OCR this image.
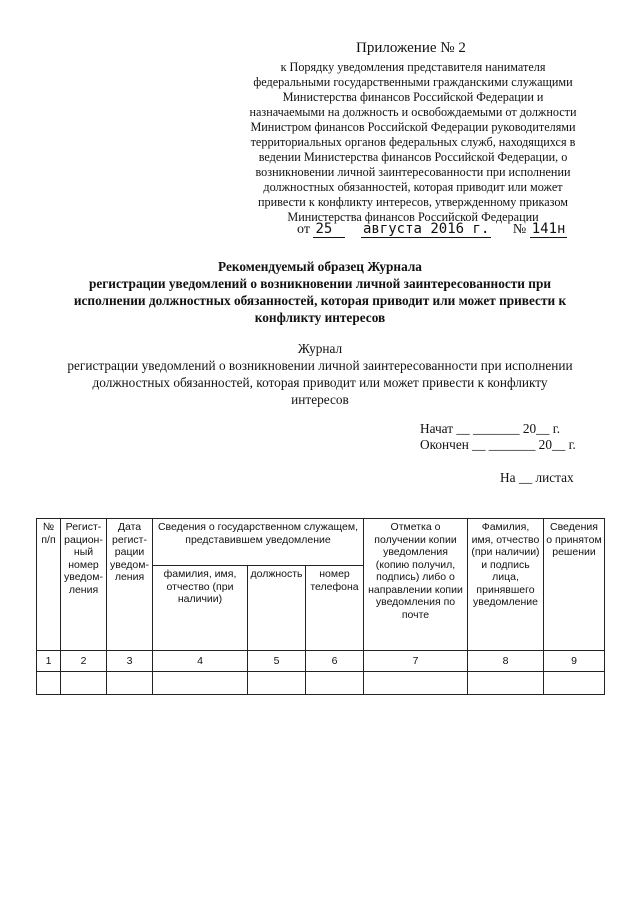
Приложение № 2
к Порядку уведомления представителя нанимателя
федеральными государственными гражданскими служащими
Министерства финансов Российской Федерации и
назначаемыми на должность и освобождаемыми от должности
Министром финансов Российской Федерации руководителями
территориальных органов федеральных служб, находящихся в
ведении Министерства финансов Российской Федерации, о
возникновении личной заинтересованности при исполнении
должностных обязанностей, которая приводит или может
привести к конфликту интересов, утвержденному приказом
Министерства финансов Российской Федерации
от 25 августа 2016 г. № 141н
Рекомендуемый образец Журнала
регистрации уведомлений о возникновении личной заинтересованности при
исполнении должностных обязанностей, которая приводит или может привести к
конфликту интересов
Журнал
регистрации уведомлений о возникновении личной заинтересованности при исполнении
должностных обязанностей, которая приводит или может привести к конфликту
интересов
Начат __ _______ 20__ г.
Окончен __ _______ 20__ г.
На __ листах
№ п/п	Регист-рацион-ный номер уведом-ления	Дата регист-рации уведом-ления	Сведения о государственном служащем, представившем уведомление			Отметка о получении копии уведомления (копию получил, подпись) либо о направлении копии уведомления по почте	Фамилия, имя, отчество (при наличии) и подпись лица, принявшего уведомление	Сведения о принятом решении
			фамилия, имя, отчество (при наличии)	должность	номер телефона			
1	2	3	4	5	6	7	8	9
